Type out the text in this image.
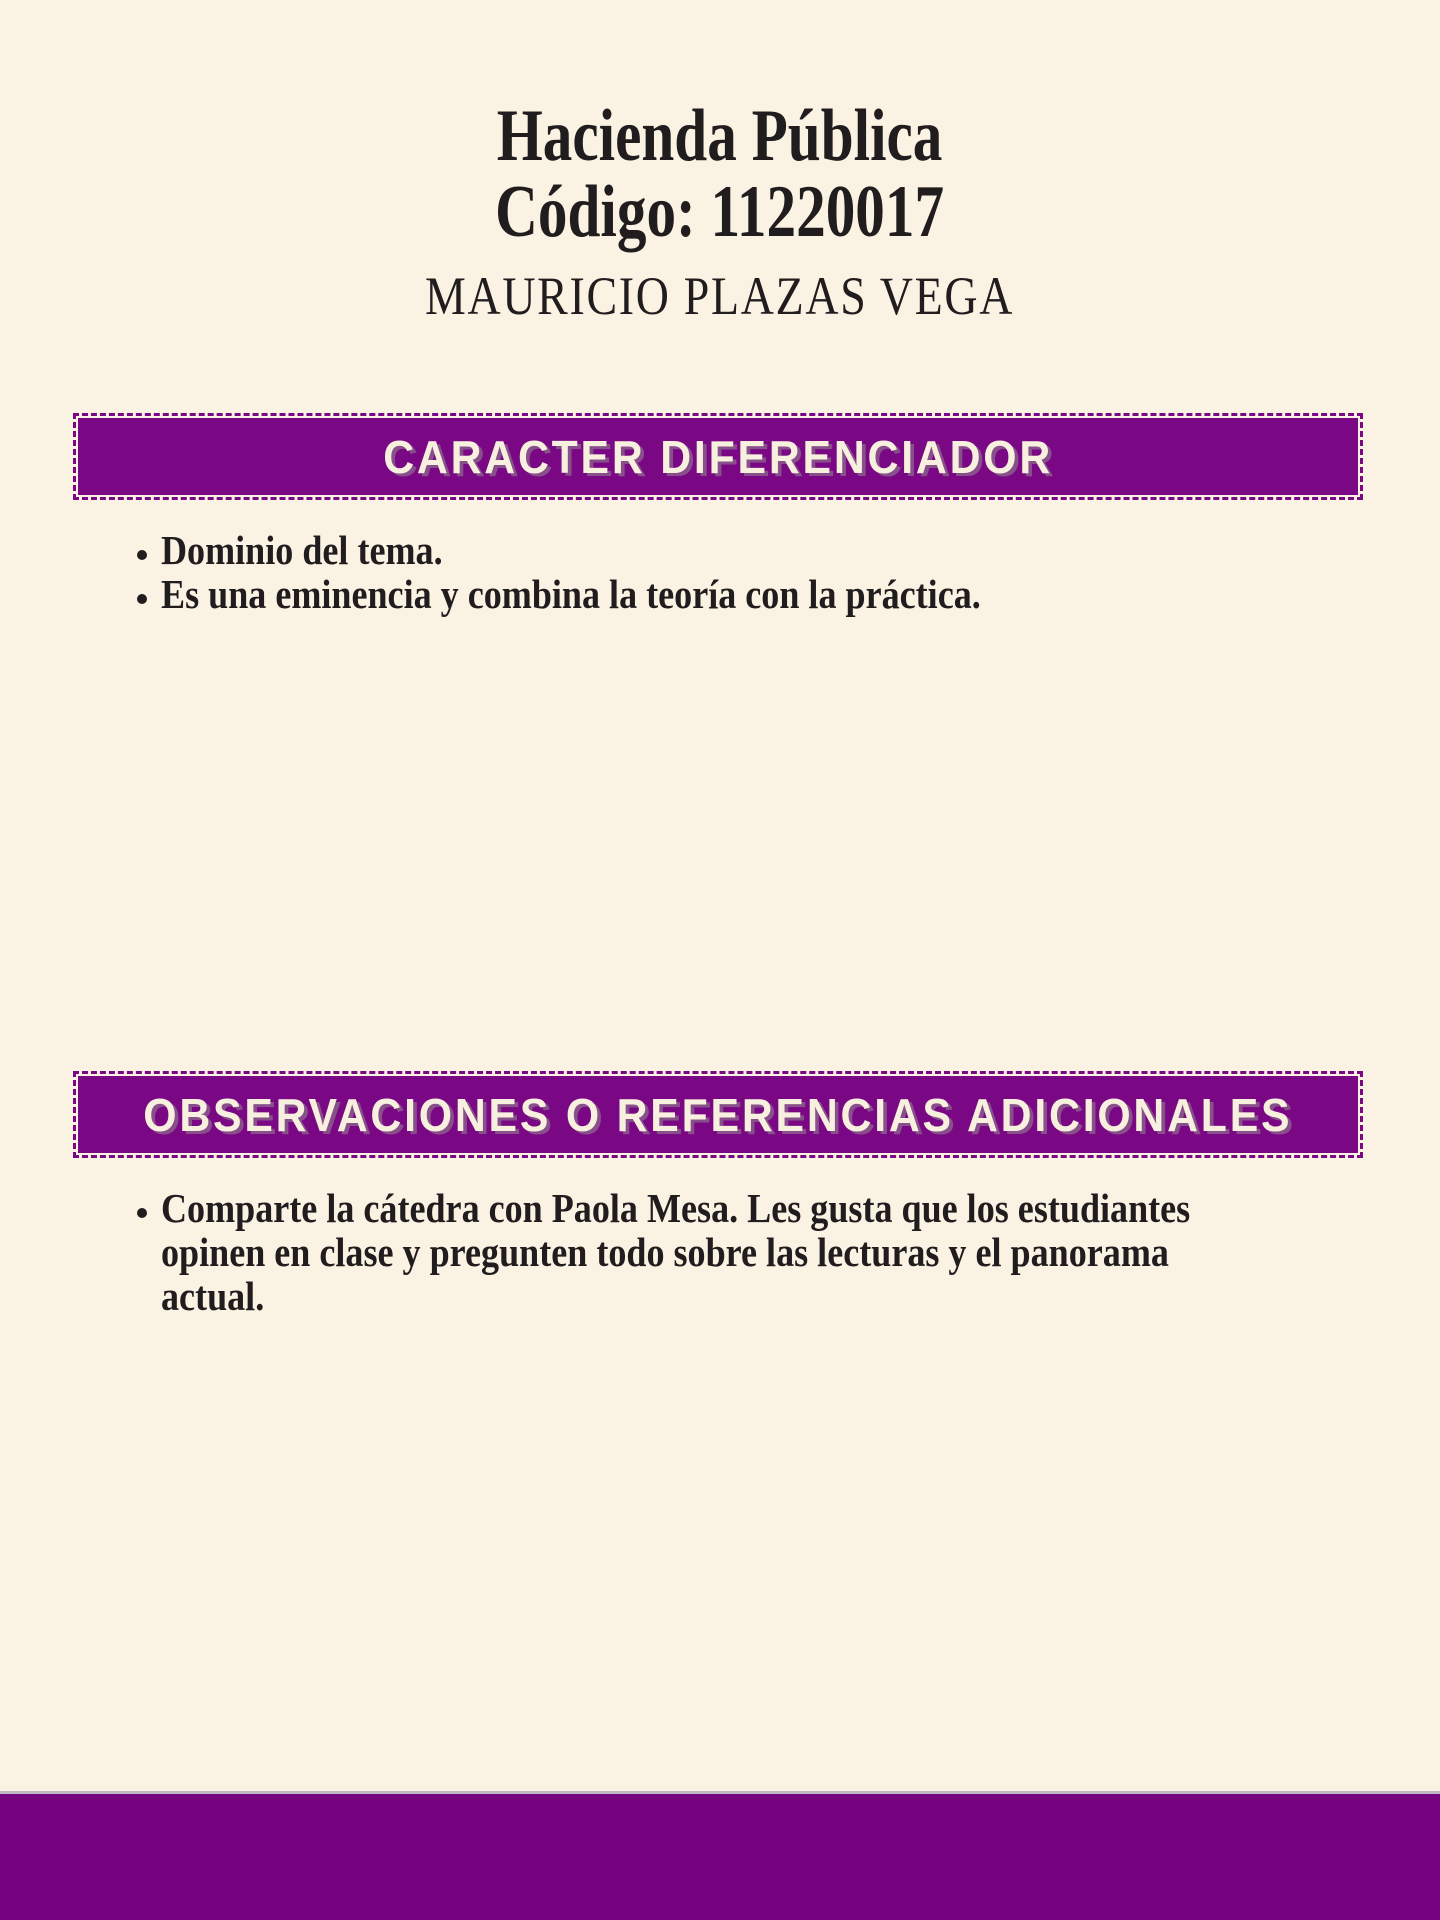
Hacienda Pública
Código: 11220017
MAURICIO PLAZAS VEGA
CARACTER DIFERENCIADOR
Dominio del tema.
Es una eminencia y combina la teoría con la práctica.
OBSERVACIONES O REFERENCIAS ADICIONALES
Comparte la cátedra con Paola Mesa. Les gusta que los estudiantes
opinen en clase y pregunten todo sobre las lecturas y el panorama
actual.
